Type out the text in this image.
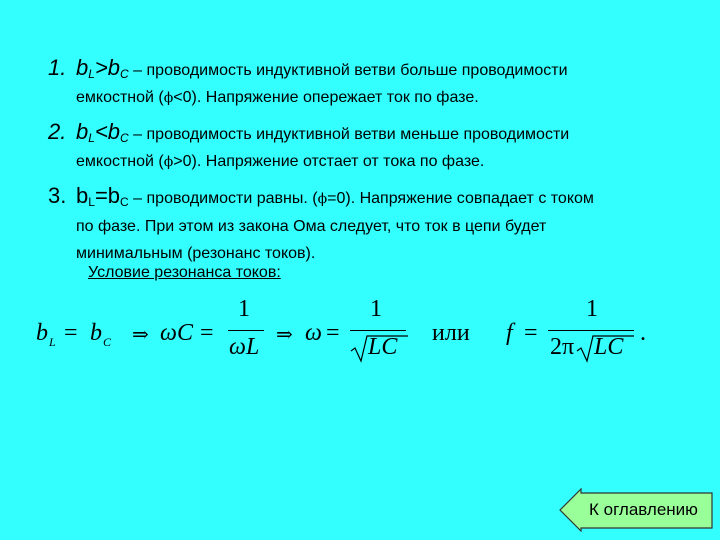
1. $b_L>b_C$ – проводимость индуктивной ветви больше проводимости
емкостной (ϕ<0). Напряжение опережает ток по фазе.
2. $b_L<b_C$ – проводимость индуктивной ветви меньше проводимости
емкостной (ϕ>0). Напряжение отстает от тока по фазе.
3. $b_L=b_C$ – проводимости равны. (ϕ=0). Напряжение совпадает с током
по фазе. При этом из закона Ома следует, что ток в цепи будет
минимальным (резонанс токов).
Условие резонанса токов:
b L = b C ⇒ ωC =
1
ωL ⇒ ω =
1
LC
или f =
1
2π LC
.
К оглавлению
